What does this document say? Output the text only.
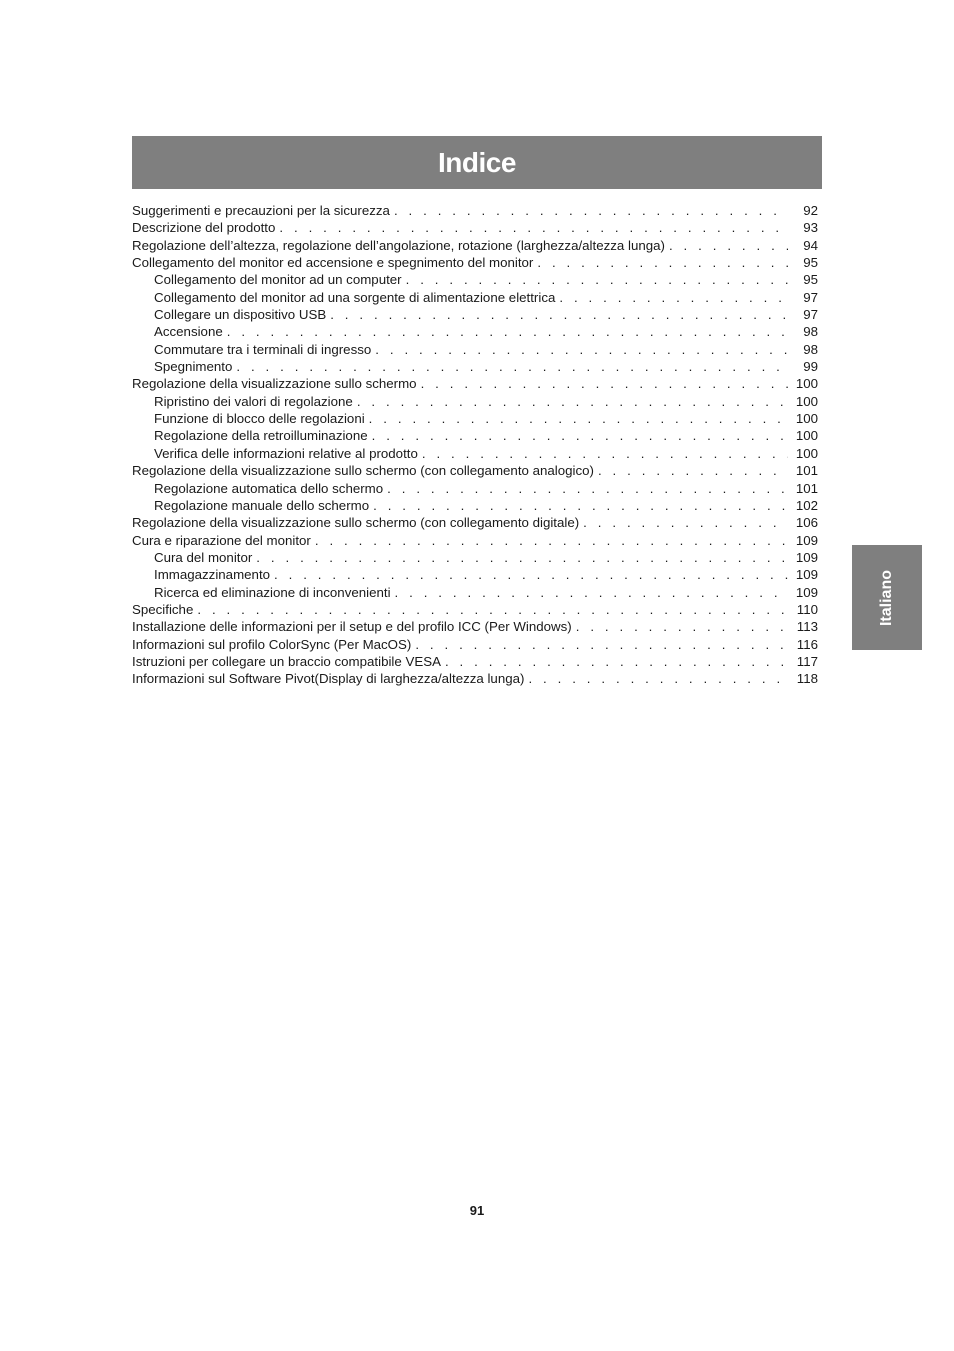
Indice
Suggerimenti e precauzioni per la sicurezza . . .	92
Descrizione del prodotto . . .	93
Regolazione dell’altezza, regolazione dell’angolazione, rotazione (larghezza/altezza lunga) . . .	94
Collegamento del monitor ed accensione e spegnimento del monitor . . .	95
Collegamento del monitor ad un computer . . .	95
Collegamento del monitor ad una sorgente di alimentazione elettrica . . .	97
Collegare un dispositivo USB . . .	97
Accensione . . .	98
Commutare tra i terminali di ingresso . . .	98
Spegnimento . . .	99
Regolazione della visualizzazione sullo schermo . . .	100
Ripristino dei valori di regolazione . . .	100
Funzione di blocco delle regolazioni . . .	100
Regolazione della retroilluminazione . . .	100
Verifica delle informazioni relative al prodotto . . .	100
Regolazione della visualizzazione sullo schermo (con collegamento analogico) . . .	101
Regolazione automatica dello schermo . . .	101
Regolazione manuale dello schermo . . .	102
Regolazione della visualizzazione sullo schermo (con collegamento digitale) . . .	106
Cura e riparazione del monitor . . .	109
Cura del monitor . . .	109
Immagazzinamento . . .	109
Ricerca ed eliminazione di inconvenienti . . .	109
Specifiche . . .	110
Installazione delle informazioni per il setup e del profilo ICC (Per Windows) . . .	113
Informazioni sul profilo ColorSync (Per MacOS) . . .	116
Istruzioni per collegare un braccio compatibile VESA . . .	117
Informazioni sul Software Pivot(Display di larghezza/altezza lunga) . . .	118
Italiano
91
